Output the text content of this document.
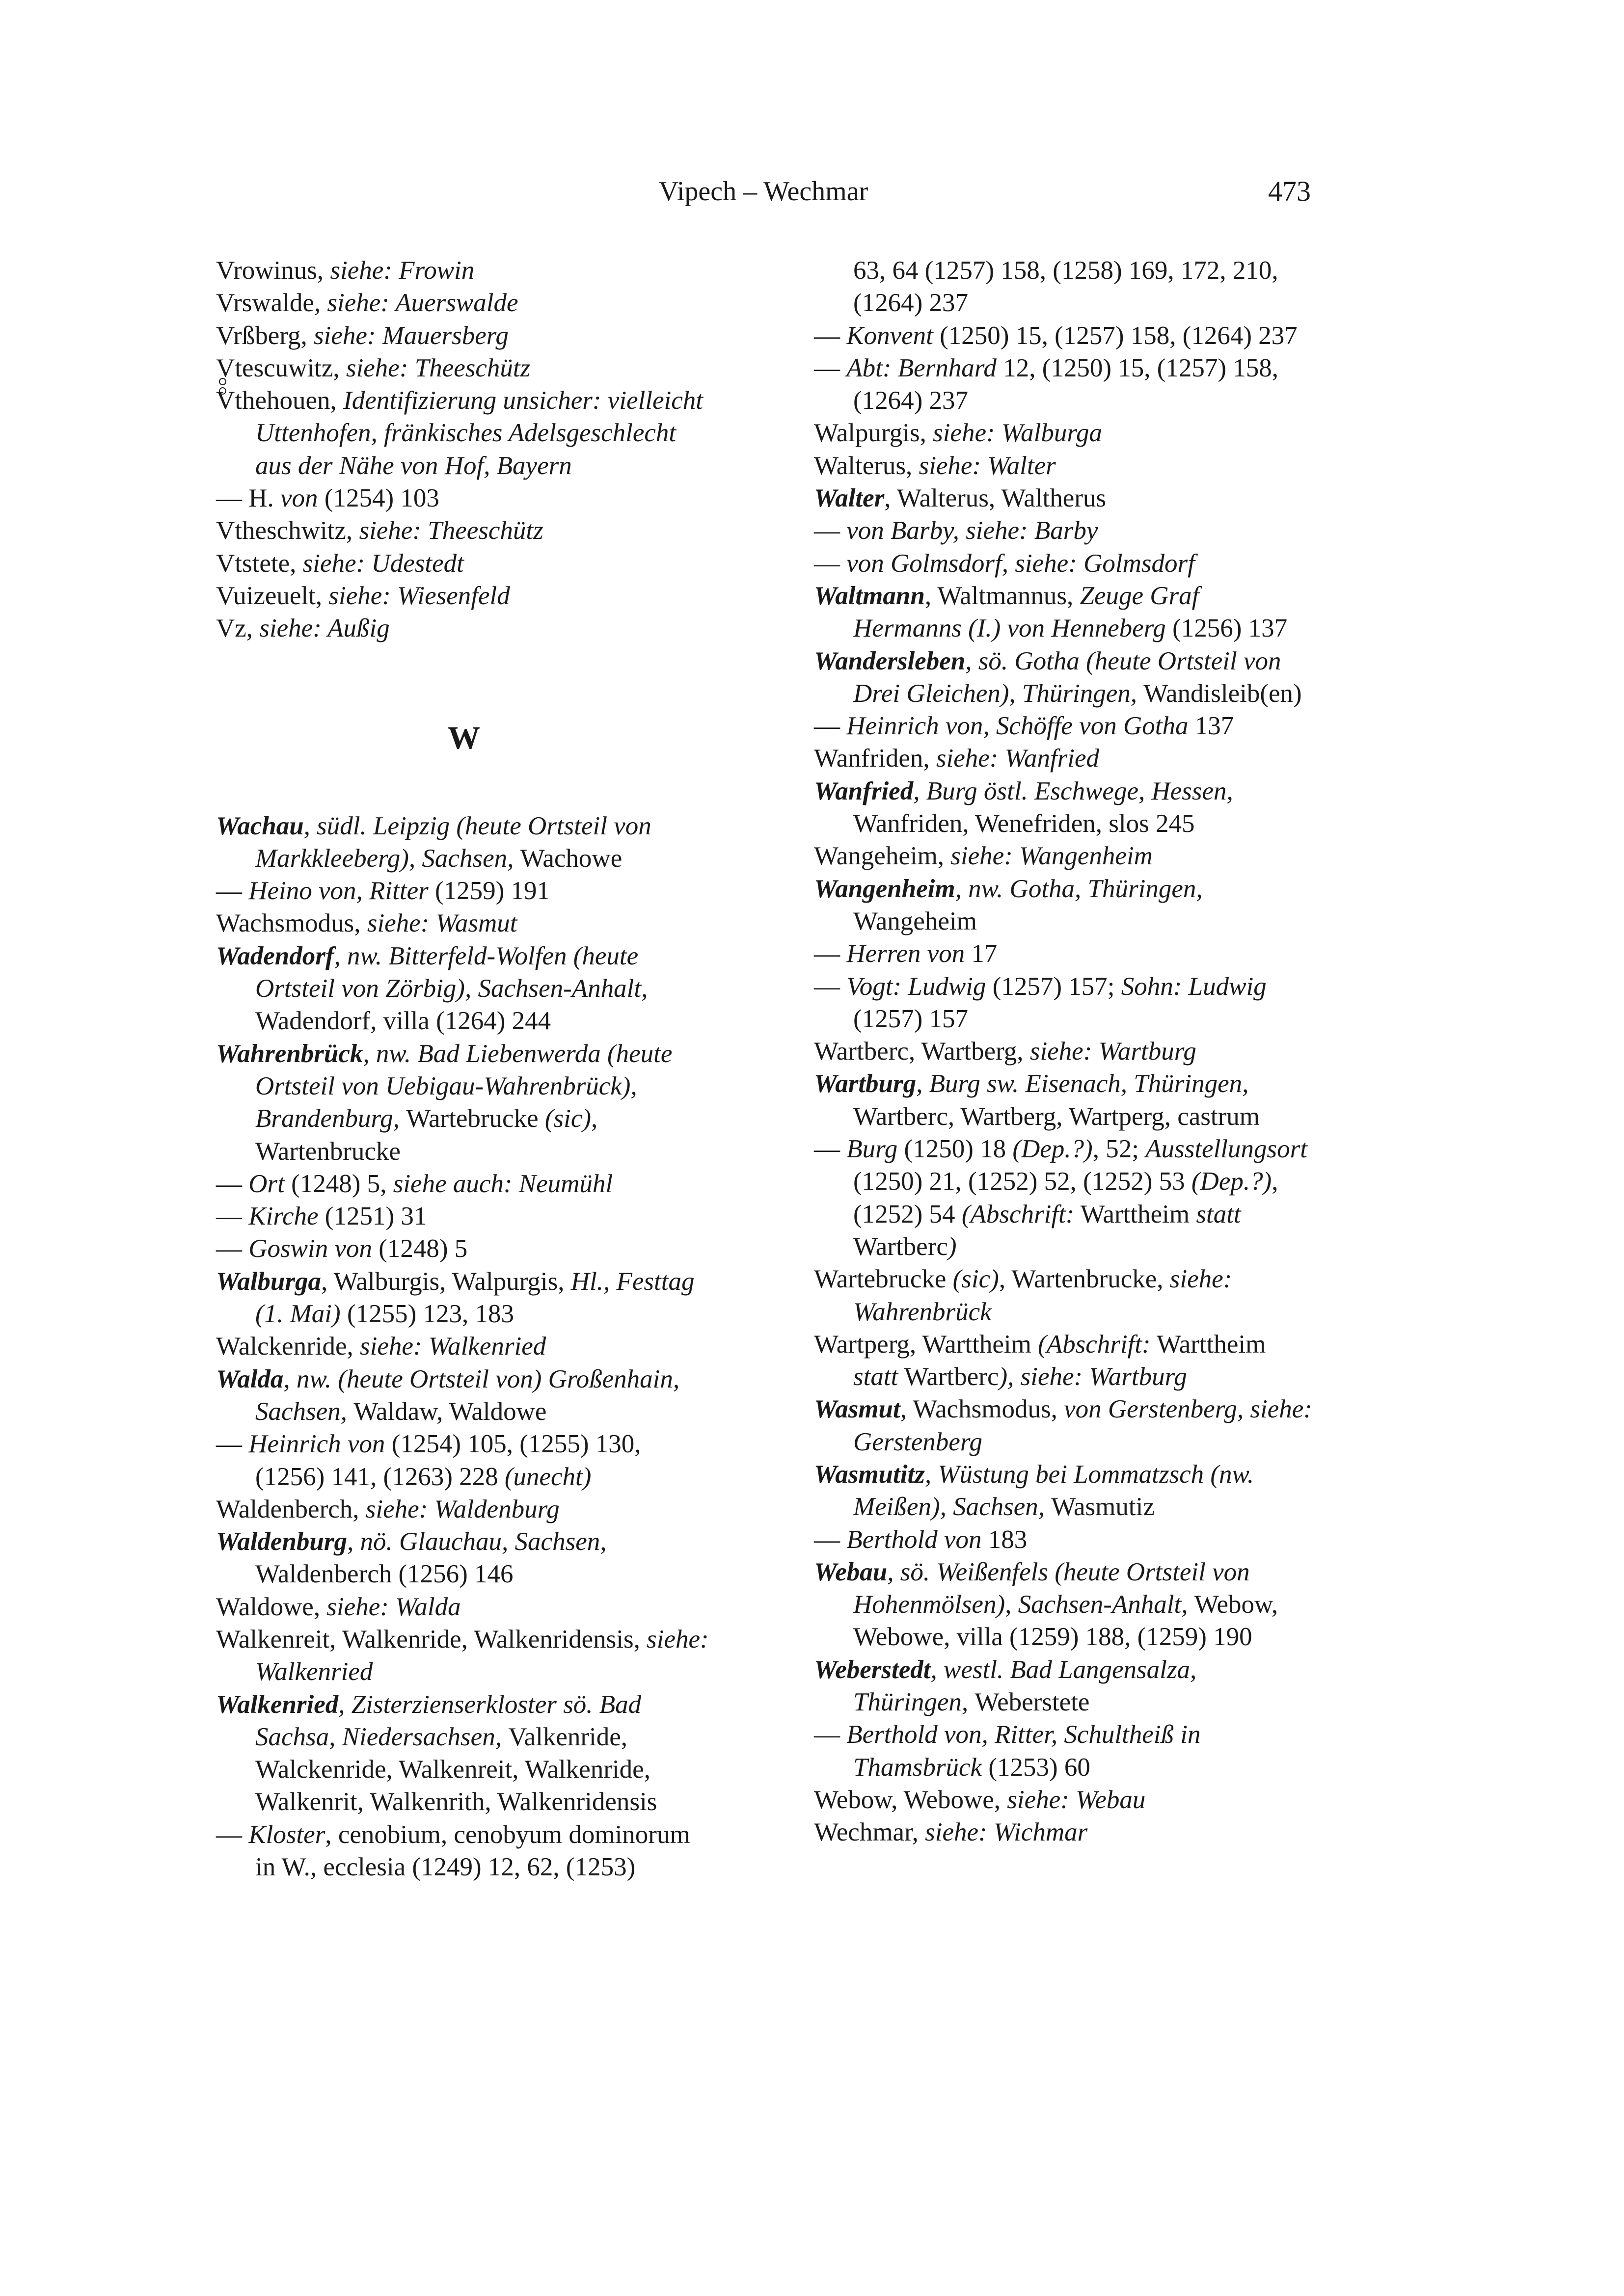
Vipech – Wechmar	473

Vrowinus, siehe: Frowin

Vrswalde, siehe: Auerswalde

Vrßberg, siehe: Mauersberg

Vtescuwitz, siehe: Theeschütz

Vthehouen, Identifizierung unsicher: vielleicht Uttenhofen, fränkisches Adelsgeschlecht aus der Nähe von Hof, Bayern

— H. von (1254) 103

Vtheschwitz, siehe: Theeschütz

Vtstete, siehe: Udestedt

Vuizeuelt, siehe: Wiesenfeld

Vz, siehe: Außig

W

Wachau, südl. Leipzig (heute Ortsteil von Markkleeberg), Sachsen, Wachowe

— Heino von, Ritter (1259) 191

Wachsmodus, siehe: Wasmut

Wadendorf, nw. Bitterfeld-Wolfen (heute Ortsteil von Zörbig), Sachsen-Anhalt, Wadendorf, villa (1264) 244

Wahrenbrück, nw. Bad Liebenwerda (heute Ortsteil von Uebigau-Wahrenbrück), Brandenburg, Wartebrucke (sic), Wartenbrucke

— Ort (1248) 5, siehe auch: Neumühl

— Kirche (1251) 31

— Goswin von (1248) 5

Walburga, Walburgis, Walpurgis, Hl., Festtag (1. Mai) (1255) 123, 183

Walckenride, siehe: Walkenried

Walda, nw. (heute Ortsteil von) Großenhain, Sachsen, Waldaw, Waldowe

— Heinrich von (1254) 105, (1255) 130, (1256) 141, (1263) 228 (unecht)

Waldenberch, siehe: Waldenburg

Waldenburg, nö. Glauchau, Sachsen, Waldenberch (1256) 146

Waldowe, siehe: Walda

Walkenreit, Walkenride, Walkenridensis, siehe: Walkenried

Walkenried, Zisterzienserkloster sö. Bad Sachsa, Niedersachsen, Valkenride, Walckenride, Walkenreit, Walkenride, Walkenrit, Walkenrith, Walkenridensis

— Kloster, cenobium, cenobyum dominorum in W., ecclesia (1249) 12, 62, (1253)

63, 64 (1257) 158, (1258) 169, 172, 210, (1264) 237

— Konvent (1250) 15, (1257) 158, (1264) 237

— Abt: Bernhard 12, (1250) 15, (1257) 158, (1264) 237

Walpurgis, siehe: Walburga

Walterus, siehe: Walter

Walter, Walterus, Waltherus

— von Barby, siehe: Barby

— von Golmsdorf, siehe: Golmsdorf

Waltmann, Waltmannus, Zeuge Graf Hermanns (I.) von Henneberg (1256) 137

Wandersleben, sö. Gotha (heute Ortsteil von Drei Gleichen), Thüringen, Wandisleib(en)

— Heinrich von, Schöffe von Gotha 137

Wanfriden, siehe: Wanfried

Wanfried, Burg östl. Eschwege, Hessen, Wanfriden, Wenefriden, slos 245

Wangeheim, siehe: Wangenheim

Wangenheim, nw. Gotha, Thüringen, Wangeheim

— Herren von 17

— Vogt: Ludwig (1257) 157; Sohn: Ludwig (1257) 157

Wartberc, Wartberg, siehe: Wartburg

Wartburg, Burg sw. Eisenach, Thüringen, Wartberc, Wartberg, Wartperg, castrum

— Burg (1250) 18 (Dep.?), 52; Ausstellungsort (1250) 21, (1252) 52, (1252) 53 (Dep.?), (1252) 54 (Abschrift: Warttheim statt Wartberc)

Wartebrucke (sic), Wartenbrucke, siehe: Wahrenbrück

Wartperg, Warttheim (Abschrift: Warttheim statt Wartberc), siehe: Wartburg

Wasmut, Wachsmodus, von Gerstenberg, siehe: Gerstenberg

Wasmutitz, Wüstung bei Lommatzsch (nw. Meißen), Sachsen, Wasmutiz

— Berthold von 183

Webau, sö. Weißenfels (heute Ortsteil von Hohenmölsen), Sachsen-Anhalt, Webow, Webowe, villa (1259) 188, (1259) 190

Weberstedt, westl. Bad Langensalza, Thüringen, Weberstete

— Berthold von, Ritter, Schultheiß in Thamsbrück (1253) 60

Webow, Webowe, siehe: Webau

Wechmar, siehe: Wichmar
